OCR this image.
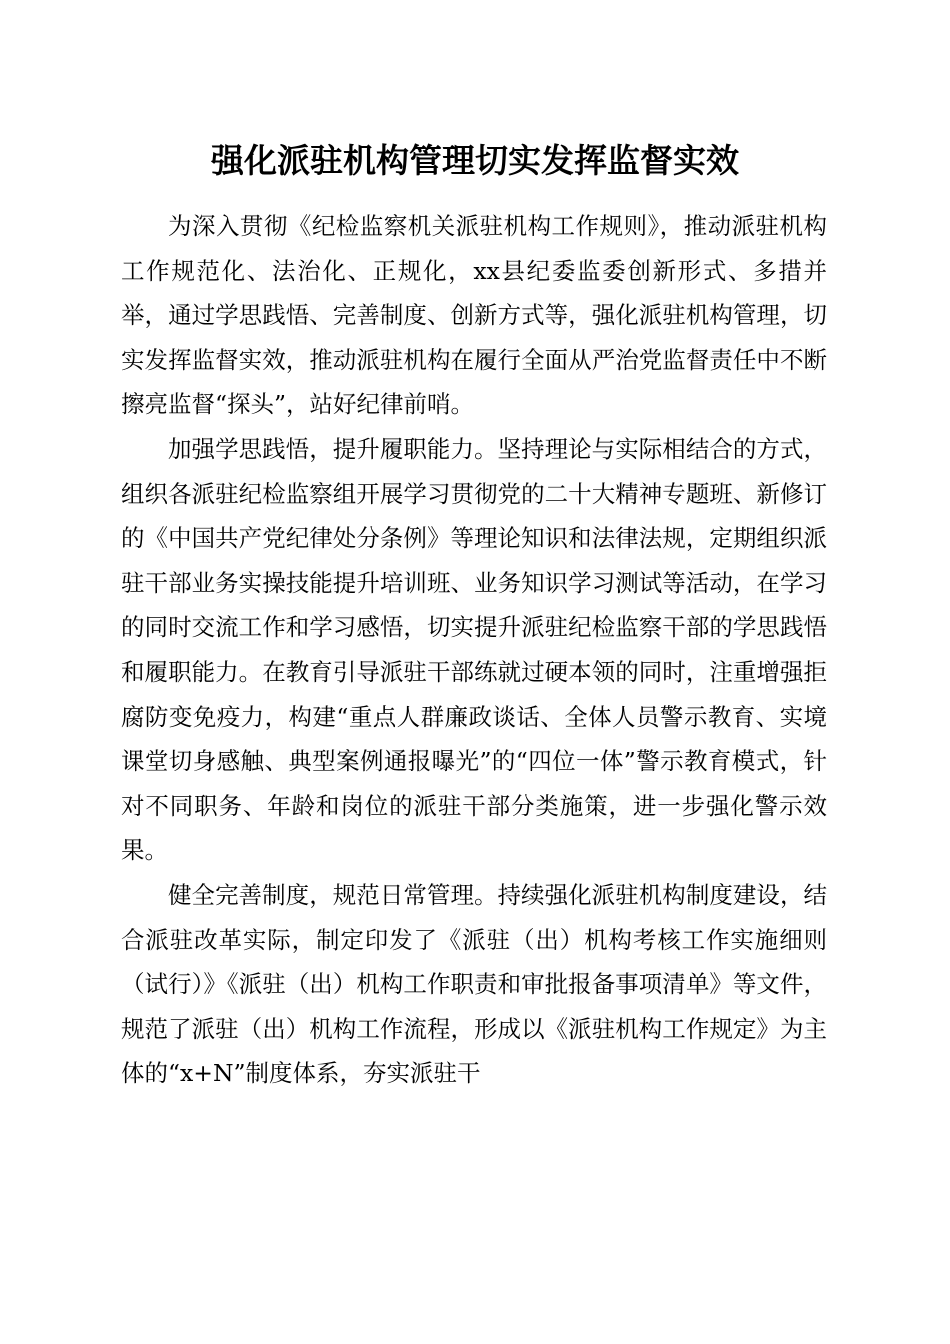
强化派驻机构管理切实发挥监督实效

为深入贯彻《纪检监察机关派驻机构工作规则》，推动派驻机构工作规范化、法治化、正规化，xx县纪委监委创新形式、多措并举，通过学思践悟、完善制度、创新方式等，强化派驻机构管理，切实发挥监督实效，推动派驻机构在履行全面从严治党监督责任中不断擦亮监督“探头”，站好纪律前哨。

加强学思践悟，提升履职能力。坚持理论与实际相结合的方式，组织各派驻纪检监察组开展学习贯彻党的二十大精神专题班、新修订的《中国共产党纪律处分条例》等理论知识和法律法规，定期组织派驻干部业务实操技能提升培训班、业务知识学习测试等活动，在学习的同时交流工作和学习感悟，切实提升派驻纪检监察干部的学思践悟和履职能力。在教育引导派驻干部练就过硬本领的同时，注重增强拒腐防变免疫力，构建“重点人群廉政谈话、全体人员警示教育、实境课堂切身感触、典型案例通报曝光”的“四位一体”警示教育模式，针对不同职务、年龄和岗位的派驻干部分类施策，进一步强化警示效果。

健全完善制度，规范日常管理。持续强化派驻机构制度建设，结合派驻改革实际，制定印发了《派驻（出）机构考核工作实施细则（试行）》《派驻（出）机构工作职责和审批报备事项清单》等文件，规范了派驻（出）机构工作流程，形成以《派驻机构工作规定》为主体的“x+N”制度体系，夯实派驻干
